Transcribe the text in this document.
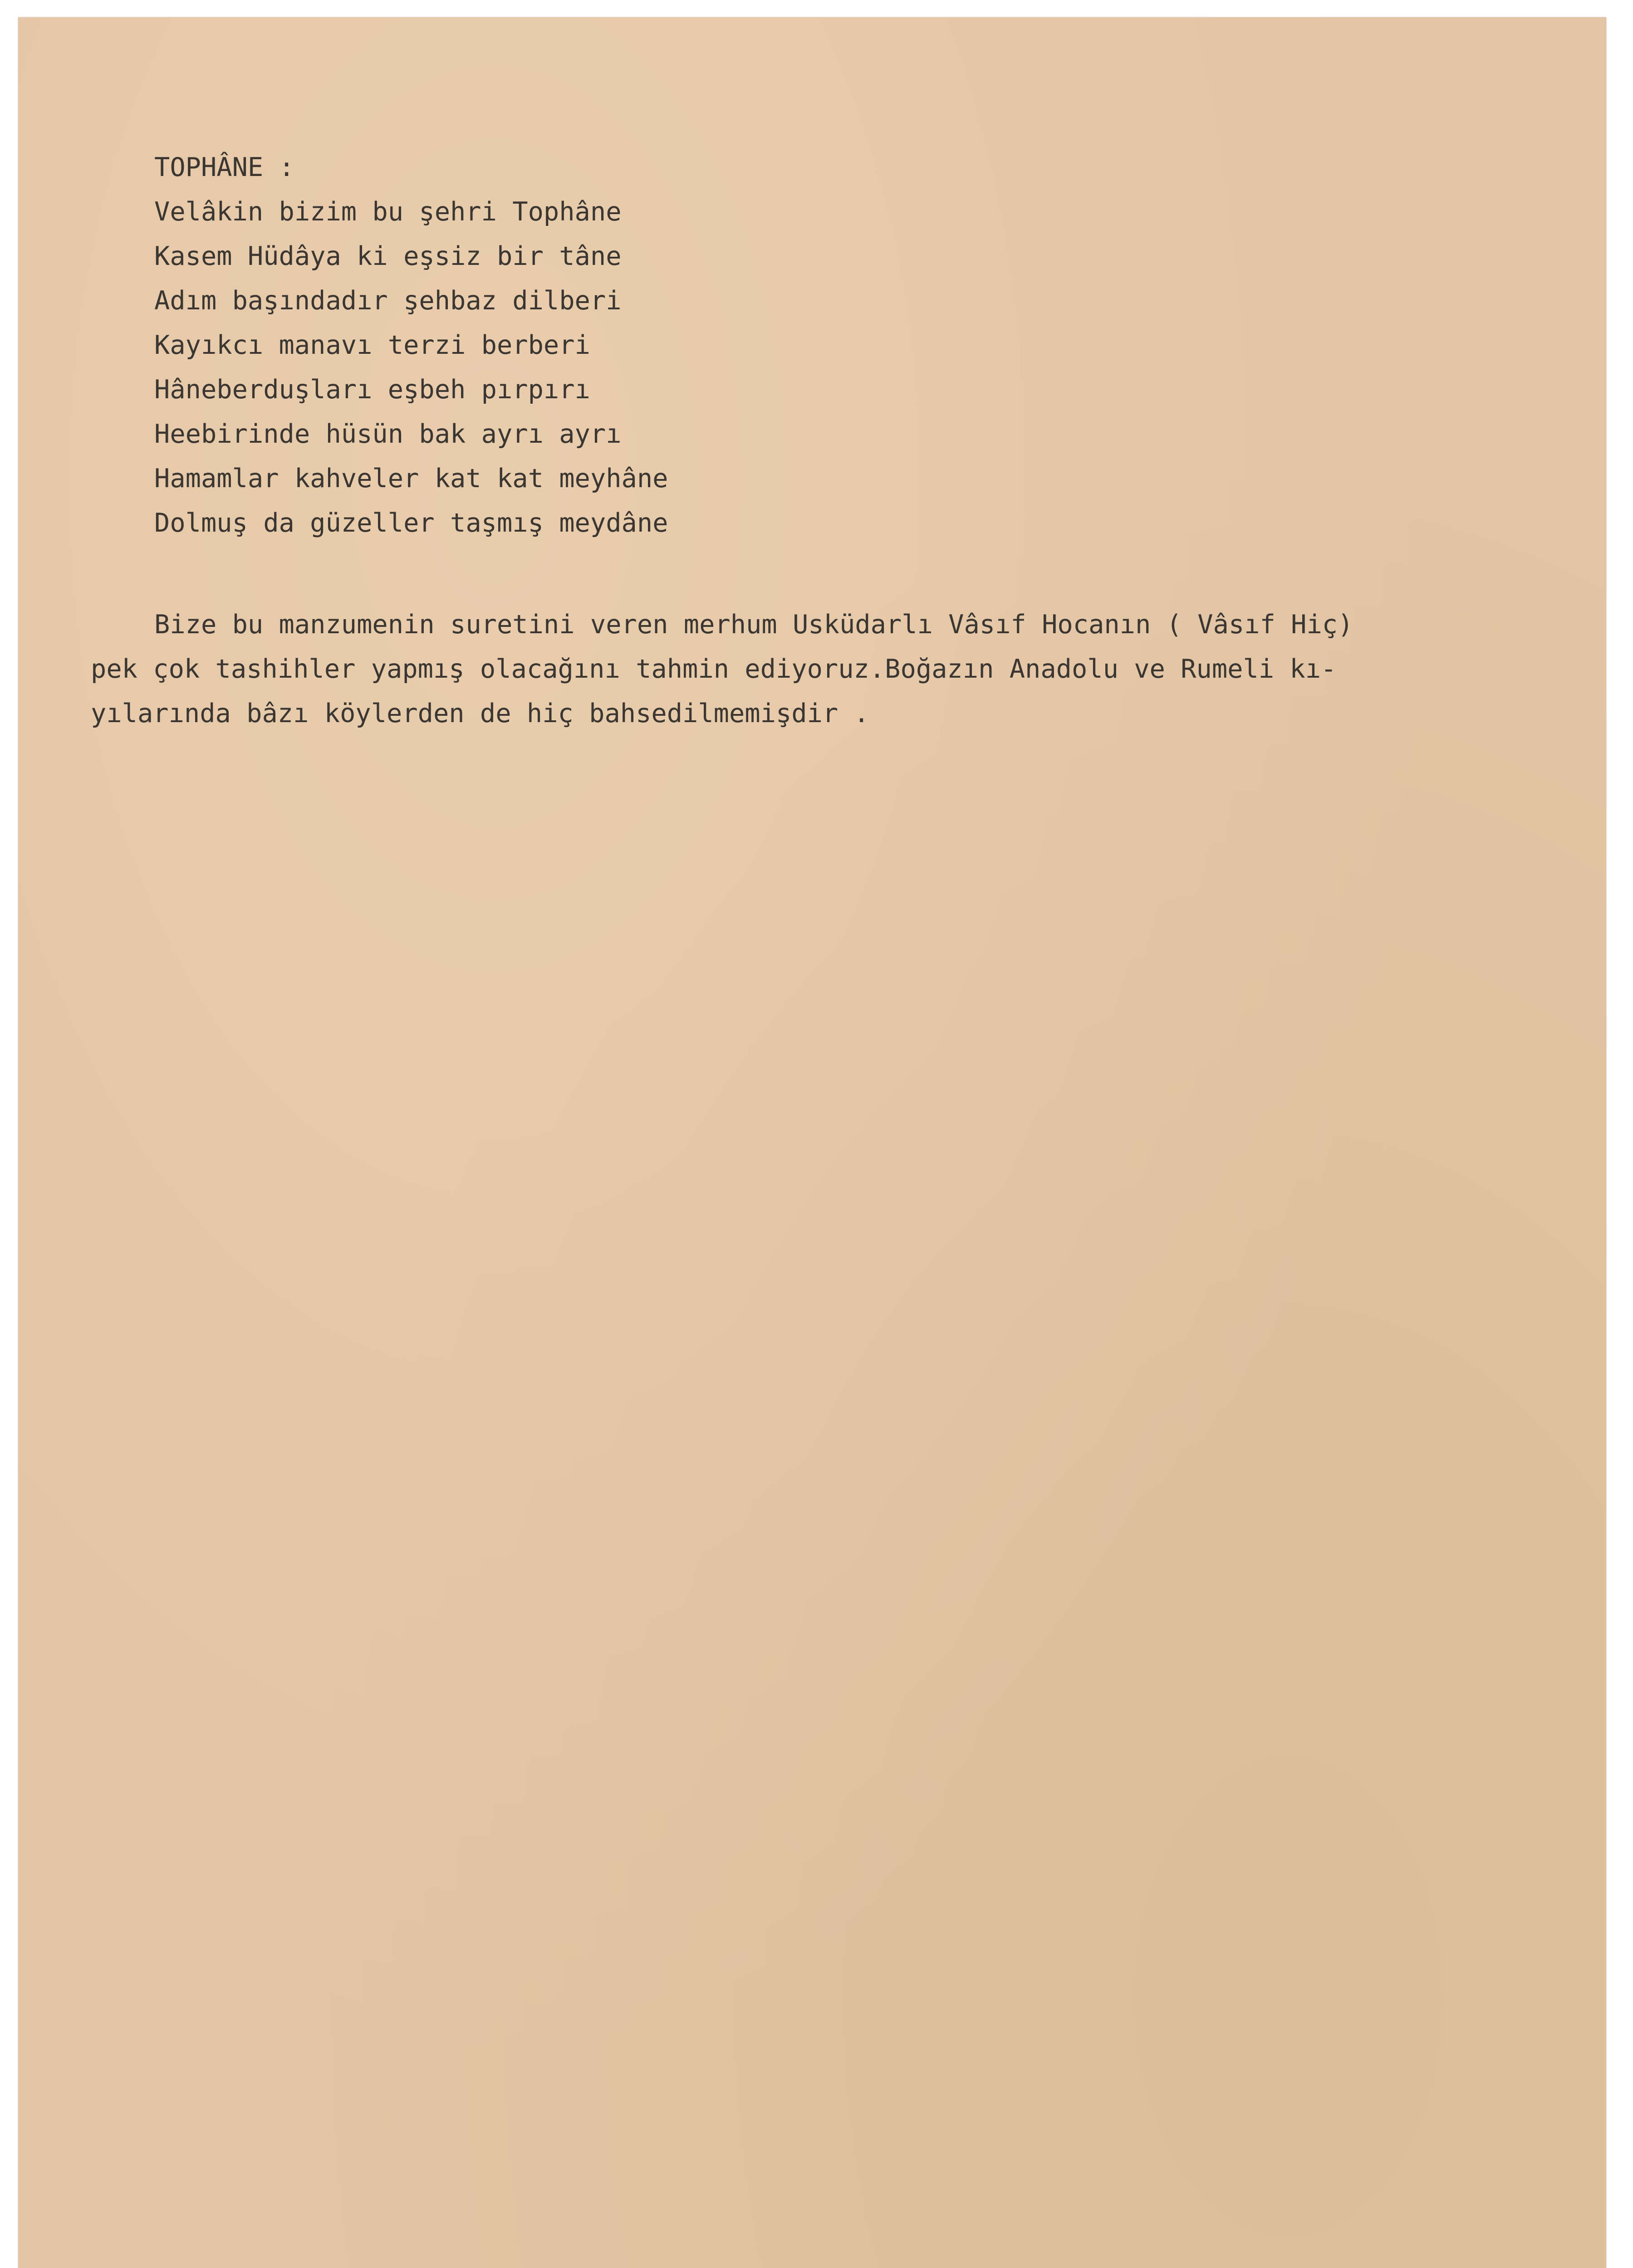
TOPHÂNE :

Velâkin bizim bu şehri Tophâne
Kasem Hüdâya ki eşsiz bir tâne
Adım başındadır şehbaz dilberi
Kayıkcı manavı terzi berberi
Hâneberduşları eşbeh pırpırı
Heebirinde hüsün bak ayrı ayrı
Hamamlar kahveler kat kat meyhâne
Dolmuş da güzeller taşmış meydâne
Bize bu manzumenin suretini veren merhum Usküdarlı Vâsıf Hocanın ( Vâsıf Hiç)
pek çok tashihler yapmış olacağını tahmin ediyoruz.Boğazın Anadolu ve Rumeli kı-
yılarında bâzı köylerden de hiç bahsedilmemişdir .
